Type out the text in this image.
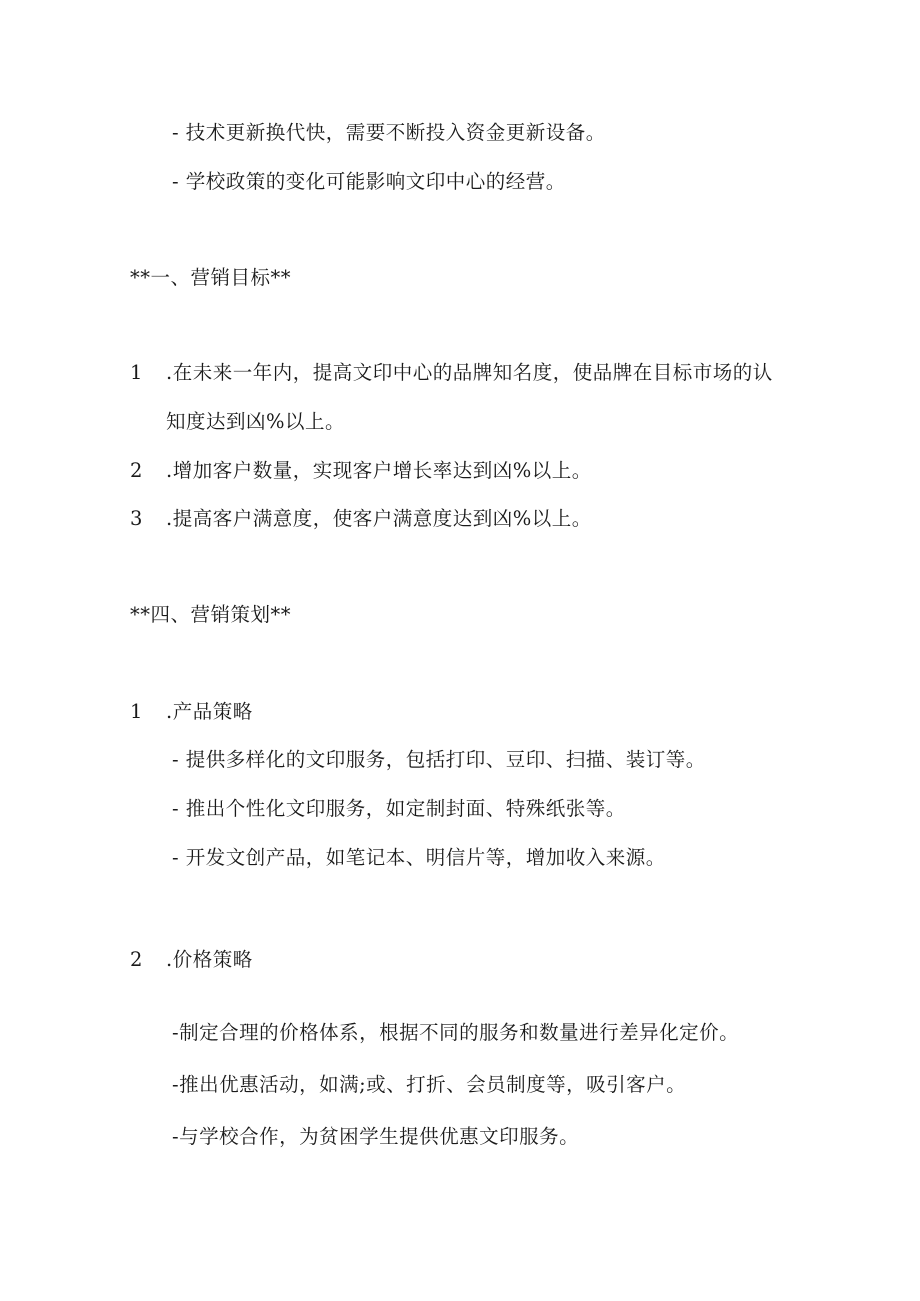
- 技术更新换代快，需要不断投入资金更新设备。
- 学校政策的变化可能影响文印中心的经营。
**一、营销目标**
1 .在未来一年内，提高文印中心的品牌知名度，使品牌在目标市场的认
知度达到凶%以上。
2 .增加客户数量，实现客户增长率达到凶%以上。
3 .提高客户满意度，使客户满意度达到凶%以上。
**四、营销策划**
1 .产品策略
- 提供多样化的文印服务，包括打印、豆印、扫描、装订等。
- 推出个性化文印服务，如定制封面、特殊纸张等。
- 开发文创产品，如笔记本、明信片等，增加收入来源。
2 .价格策略
-制定合理的价格体系，根据不同的服务和数量进行差异化定价。
-推出优惠活动，如满;或、打折、会员制度等，吸引客户。
-与学校合作，为贫困学生提供优惠文印服务。
